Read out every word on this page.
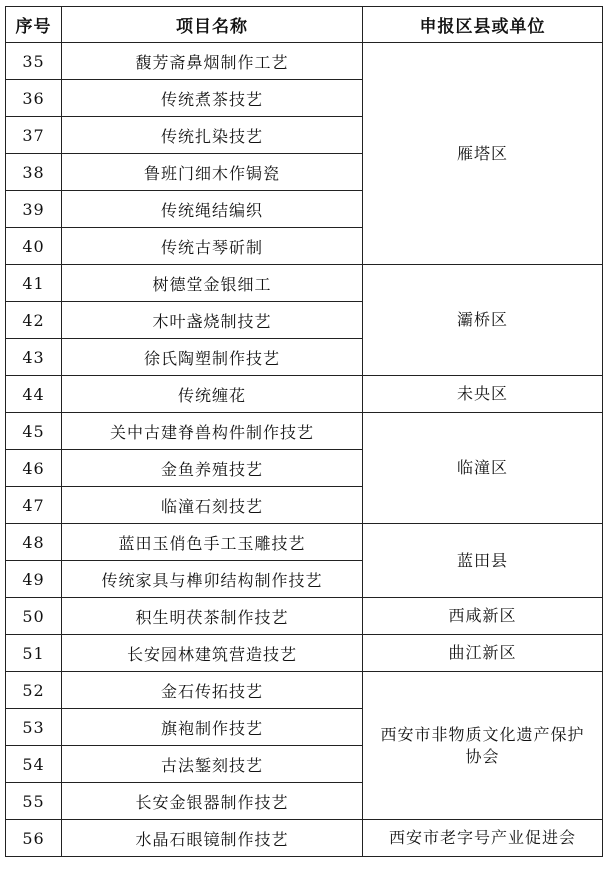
序号	项目名称	申报区县或单位
35	馥芳斋鼻烟制作工艺	雁塔区
36	传统煮茶技艺	
37	传统扎染技艺	
38	鲁班门细木作锔瓷	
39	传统绳结编织	
40	传统古琴斫制	
41	树德堂金银细工	灞桥区
42	木叶盏烧制技艺	
43	徐氏陶塑制作技艺	
44	传统缠花	未央区
45	关中古建脊兽构件制作技艺	临潼区
46	金鱼养殖技艺	
47	临潼石刻技艺	
48	蓝田玉俏色手工玉雕技艺	蓝田县
49	传统家具与榫卯结构制作技艺	
50	积生明茯茶制作技艺	西咸新区
51	长安园林建筑营造技艺	曲江新区
52	金石传拓技艺	西安市非物质文化遗产保护协会
53	旗袍制作技艺	
54	古法錾刻技艺	
55	长安金银器制作技艺	
56	水晶石眼镜制作技艺	西安市老字号产业促进会
